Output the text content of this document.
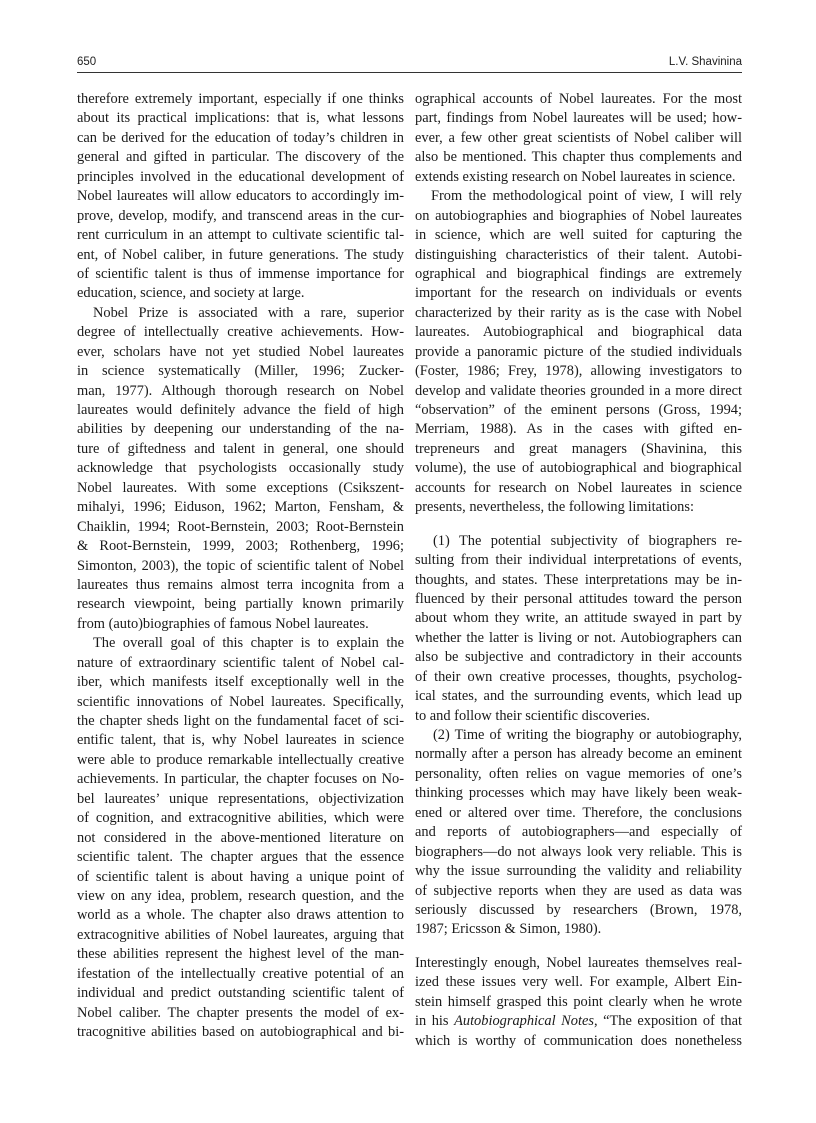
650	L.V. Shavinina
therefore extremely important, especially if one thinks
about its practical implications: that is, what lessons
can be derived for the education of today’s children in
general and gifted in particular. The discovery of the
principles involved in the educational development of
Nobel laureates will allow educators to accordingly im-
prove, develop, modify, and transcend areas in the cur-
rent curriculum in an attempt to cultivate scientific tal-
ent, of Nobel caliber, in future generations. The study
of scientific talent is thus of immense importance for
education, science, and society at large.
Nobel Prize is associated with a rare, superior
degree of intellectually creative achievements. How-
ever, scholars have not yet studied Nobel laureates
in science systematically (Miller, 1996; Zucker-
man, 1977). Although thorough research on Nobel
laureates would definitely advance the field of high
abilities by deepening our understanding of the na-
ture of giftedness and talent in general, one should
acknowledge that psychologists occasionally study
Nobel laureates. With some exceptions (Csikszent-
mihalyi, 1996; Eiduson, 1962; Marton, Fensham, &
Chaiklin, 1994; Root-Bernstein, 2003; Root-Bernstein
& Root-Bernstein, 1999, 2003; Rothenberg, 1996;
Simonton, 2003), the topic of scientific talent of Nobel
laureates thus remains almost terra incognita from a
research viewpoint, being partially known primarily
from (auto)biographies of famous Nobel laureates.
The overall goal of this chapter is to explain the
nature of extraordinary scientific talent of Nobel cal-
iber, which manifests itself exceptionally well in the
scientific innovations of Nobel laureates. Specifically,
the chapter sheds light on the fundamental facet of sci-
entific talent, that is, why Nobel laureates in science
were able to produce remarkable intellectually creative
achievements. In particular, the chapter focuses on No-
bel laureates’ unique representations, objectivization
of cognition, and extracognitive abilities, which were
not considered in the above-mentioned literature on
scientific talent. The chapter argues that the essence
of scientific talent is about having a unique point of
view on any idea, problem, research question, and the
world as a whole. The chapter also draws attention to
extracognitive abilities of Nobel laureates, arguing that
these abilities represent the highest level of the man-
ifestation of the intellectually creative potential of an
individual and predict outstanding scientific talent of
Nobel caliber. The chapter presents the model of ex-
tracognitive abilities based on autobiographical and bi-
ographical accounts of Nobel laureates. For the most
part, findings from Nobel laureates will be used; how-
ever, a few other great scientists of Nobel caliber will
also be mentioned. This chapter thus complements and
extends existing research on Nobel laureates in science.
From the methodological point of view, I will rely
on autobiographies and biographies of Nobel laureates
in science, which are well suited for capturing the
distinguishing characteristics of their talent. Autobi-
ographical and biographical findings are extremely
important for the research on individuals or events
characterized by their rarity as is the case with Nobel
laureates. Autobiographical and biographical data
provide a panoramic picture of the studied individuals
(Foster, 1986; Frey, 1978), allowing investigators to
develop and validate theories grounded in a more direct
“observation” of the eminent persons (Gross, 1994;
Merriam, 1988). As in the cases with gifted en-
trepreneurs and great managers (Shavinina, this
volume), the use of autobiographical and biographical
accounts for research on Nobel laureates in science
presents, nevertheless, the following limitations:
(1) The potential subjectivity of biographers re-
sulting from their individual interpretations of events,
thoughts, and states. These interpretations may be in-
fluenced by their personal attitudes toward the person
about whom they write, an attitude swayed in part by
whether the latter is living or not. Autobiographers can
also be subjective and contradictory in their accounts
of their own creative processes, thoughts, psycholog-
ical states, and the surrounding events, which lead up
to and follow their scientific discoveries.
(2) Time of writing the biography or autobiography,
normally after a person has already become an eminent
personality, often relies on vague memories of one’s
thinking processes which may have likely been weak-
ened or altered over time. Therefore, the conclusions
and reports of autobiographers—and especially of
biographers—do not always look very reliable. This is
why the issue surrounding the validity and reliability
of subjective reports when they are used as data was
seriously discussed by researchers (Brown, 1978,
1987; Ericsson & Simon, 1980).
Interestingly enough, Nobel laureates themselves real-
ized these issues very well. For example, Albert Ein-
stein himself grasped this point clearly when he wrote
in his Autobiographical Notes, “The exposition of that
which is worthy of communication does nonetheless
